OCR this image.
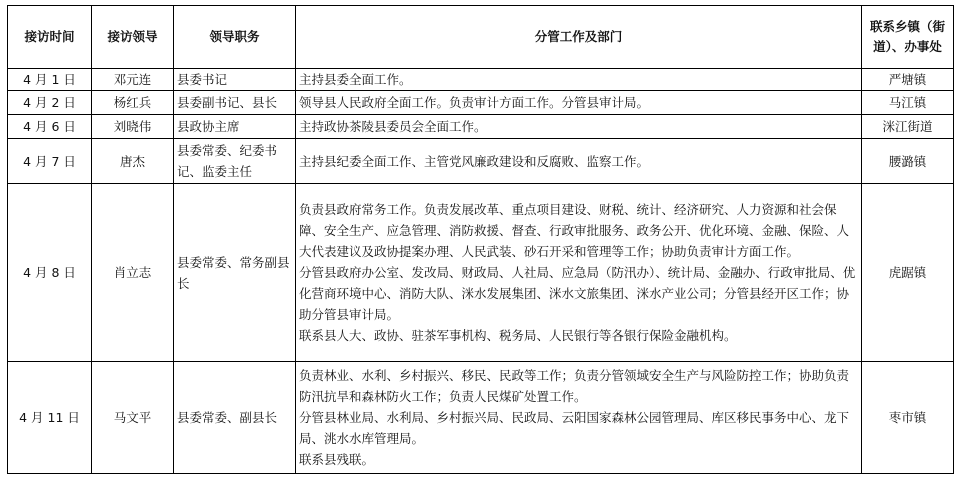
接访时间	接访领导	领导职务	分管工作及部门	联系乡镇（街道）、办事处
4 月 1 日	邓元连	县委书记	主持县委全面工作。	严塘镇
4 月 2 日	杨红兵	县委副书记、县长	领导县人民政府全面工作。负责审计方面工作。分管县审计局。	马江镇
4 月 6 日	刘晓伟	县政协主席	主持政协茶陵县委员会全面工作。	洣江街道
4 月 7 日	唐杰	县委常委、纪委书记、监委主任	主持县纪委全面工作、主管党风廉政建设和反腐败、监察工作。	腰潞镇
4 月 8 日	肖立志	县委常委、常务副县长	负责县政府常务工作。负责发展改革、重点项目建设、财税、统计、经济研究、人力资源和社会保障、安全生产、应急管理、消防救援、督查、行政审批服务、政务公开、优化环境、金融、保险、人大代表建议及政协提案办理、人民武装、砂石开采和管理等工作；协助负责审计方面工作。
分管县政府办公室、发改局、财政局、人社局、应急局（防汛办）、统计局、金融办、行政审批局、优化营商环境中心、消防大队、洣水发展集团、洣水文旅集团、洣水产业公司；分管县经开区工作；协助分管县审计局。
联系县人大、政协、驻茶军事机构、税务局、人民银行等各银行保险金融机构。	虎踞镇
4 月 11 日	马文平	县委常委、副县长	负责林业、水利、乡村振兴、移民、民政等工作；负责分管领域安全生产与风险防控工作；协助负责防汛抗旱和森林防火工作；负责人民煤矿处置工作。
分管县林业局、水利局、乡村振兴局、民政局、云阳国家森林公园管理局、库区移民事务中心、龙下局、洮水水库管理局。
联系县残联。	枣市镇
